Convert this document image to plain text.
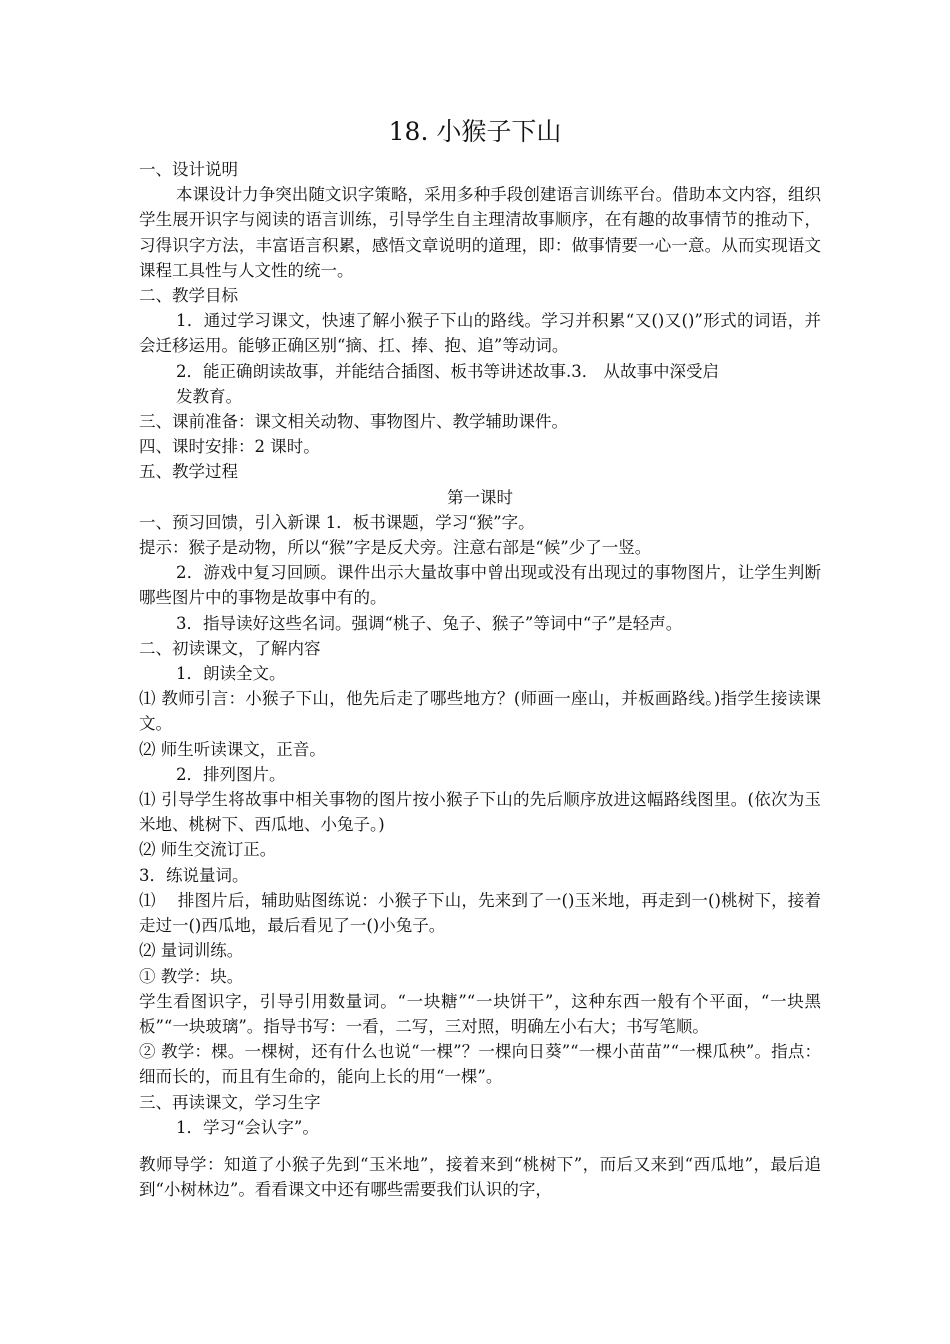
18. 小猴子下山

一、设计说明

本课设计力争突出随文识字策略，采用多种手段创建语言训练平台。借助本文内容，组织学生展开识字与阅读的语言训练，引导学生自主理清故事顺序，在有趣的故事情节的推动下，习得识字方法，丰富语言积累，感悟文章说明的道理，即：做事情要一心一意。从而实现语文课程工具性与人文性的统一。

二、教学目标

1．通过学习课文，快速了解小猴子下山的路线。学习并积累“又()又()”形式的词语，并会迁移运用。能够正确区别“摘、扛、捧、抱、追”等动词。

2．能正确朗读故事，并能结合插图、板书等讲述故事.3． 从故事中深受启

发教育。

三、课前准备：课文相关动物、事物图片、教学辅助课件。

四、课时安排：2 课时。

五、教学过程

第一课时

一、预习回馈，引入新课 1．板书课题，学习“猴”字。

提示：猴子是动物，所以“猴”字是反犬旁。注意右部是“候”少了一竖。

2．游戏中复习回顾。课件出示大量故事中曾出现或没有出现过的事物图片，让学生判断哪些图片中的事物是故事中有的。

3．指导读好这些名词。强调“桃子、兔子、猴子”等词中“子”是轻声。

二、初读课文，了解内容

1．朗读全文。

⑴ 教师引言：小猴子下山，他先后走了哪些地方？(师画一座山，并板画路线。)指学生接读课文。

⑵ 师生听读课文，正音。

2．排列图片。

⑴ 引导学生将故事中相关事物的图片按小猴子下山的先后顺序放进这幅路线图里。(依次为玉米地、桃树下、西瓜地、小兔子。)

⑵ 师生交流订正。

3．练说量词。

⑴　 排图片后，辅助贴图练说：小猴子下山，先来到了一()玉米地，再走到一()桃树下，接着走过一()西瓜地，最后看见了一()小兔子。

⑵ 量词训练。

① 教学：块。

学生看图识字，引导引用数量词。“一块糖”“一块饼干”，这种东西一般有个平面，“一块黑板”“一块玻璃”。指导书写：一看，二写，三对照，明确左小右大；书写笔顺。

② 教学：棵。一棵树，还有什么也说“一棵”？一棵向日葵”“一棵小苗苗”“一棵瓜秧”。指点：细而长的，而且有生命的，能向上长的用“一棵”。

三、再读课文，学习生字

1．学习“会认字”。

教师导学：知道了小猴子先到“玉米地”，接着来到“桃树下”，而后又来到“西瓜地”，最后追到“小树林边”。看看课文中还有哪些需要我们认识的字，
